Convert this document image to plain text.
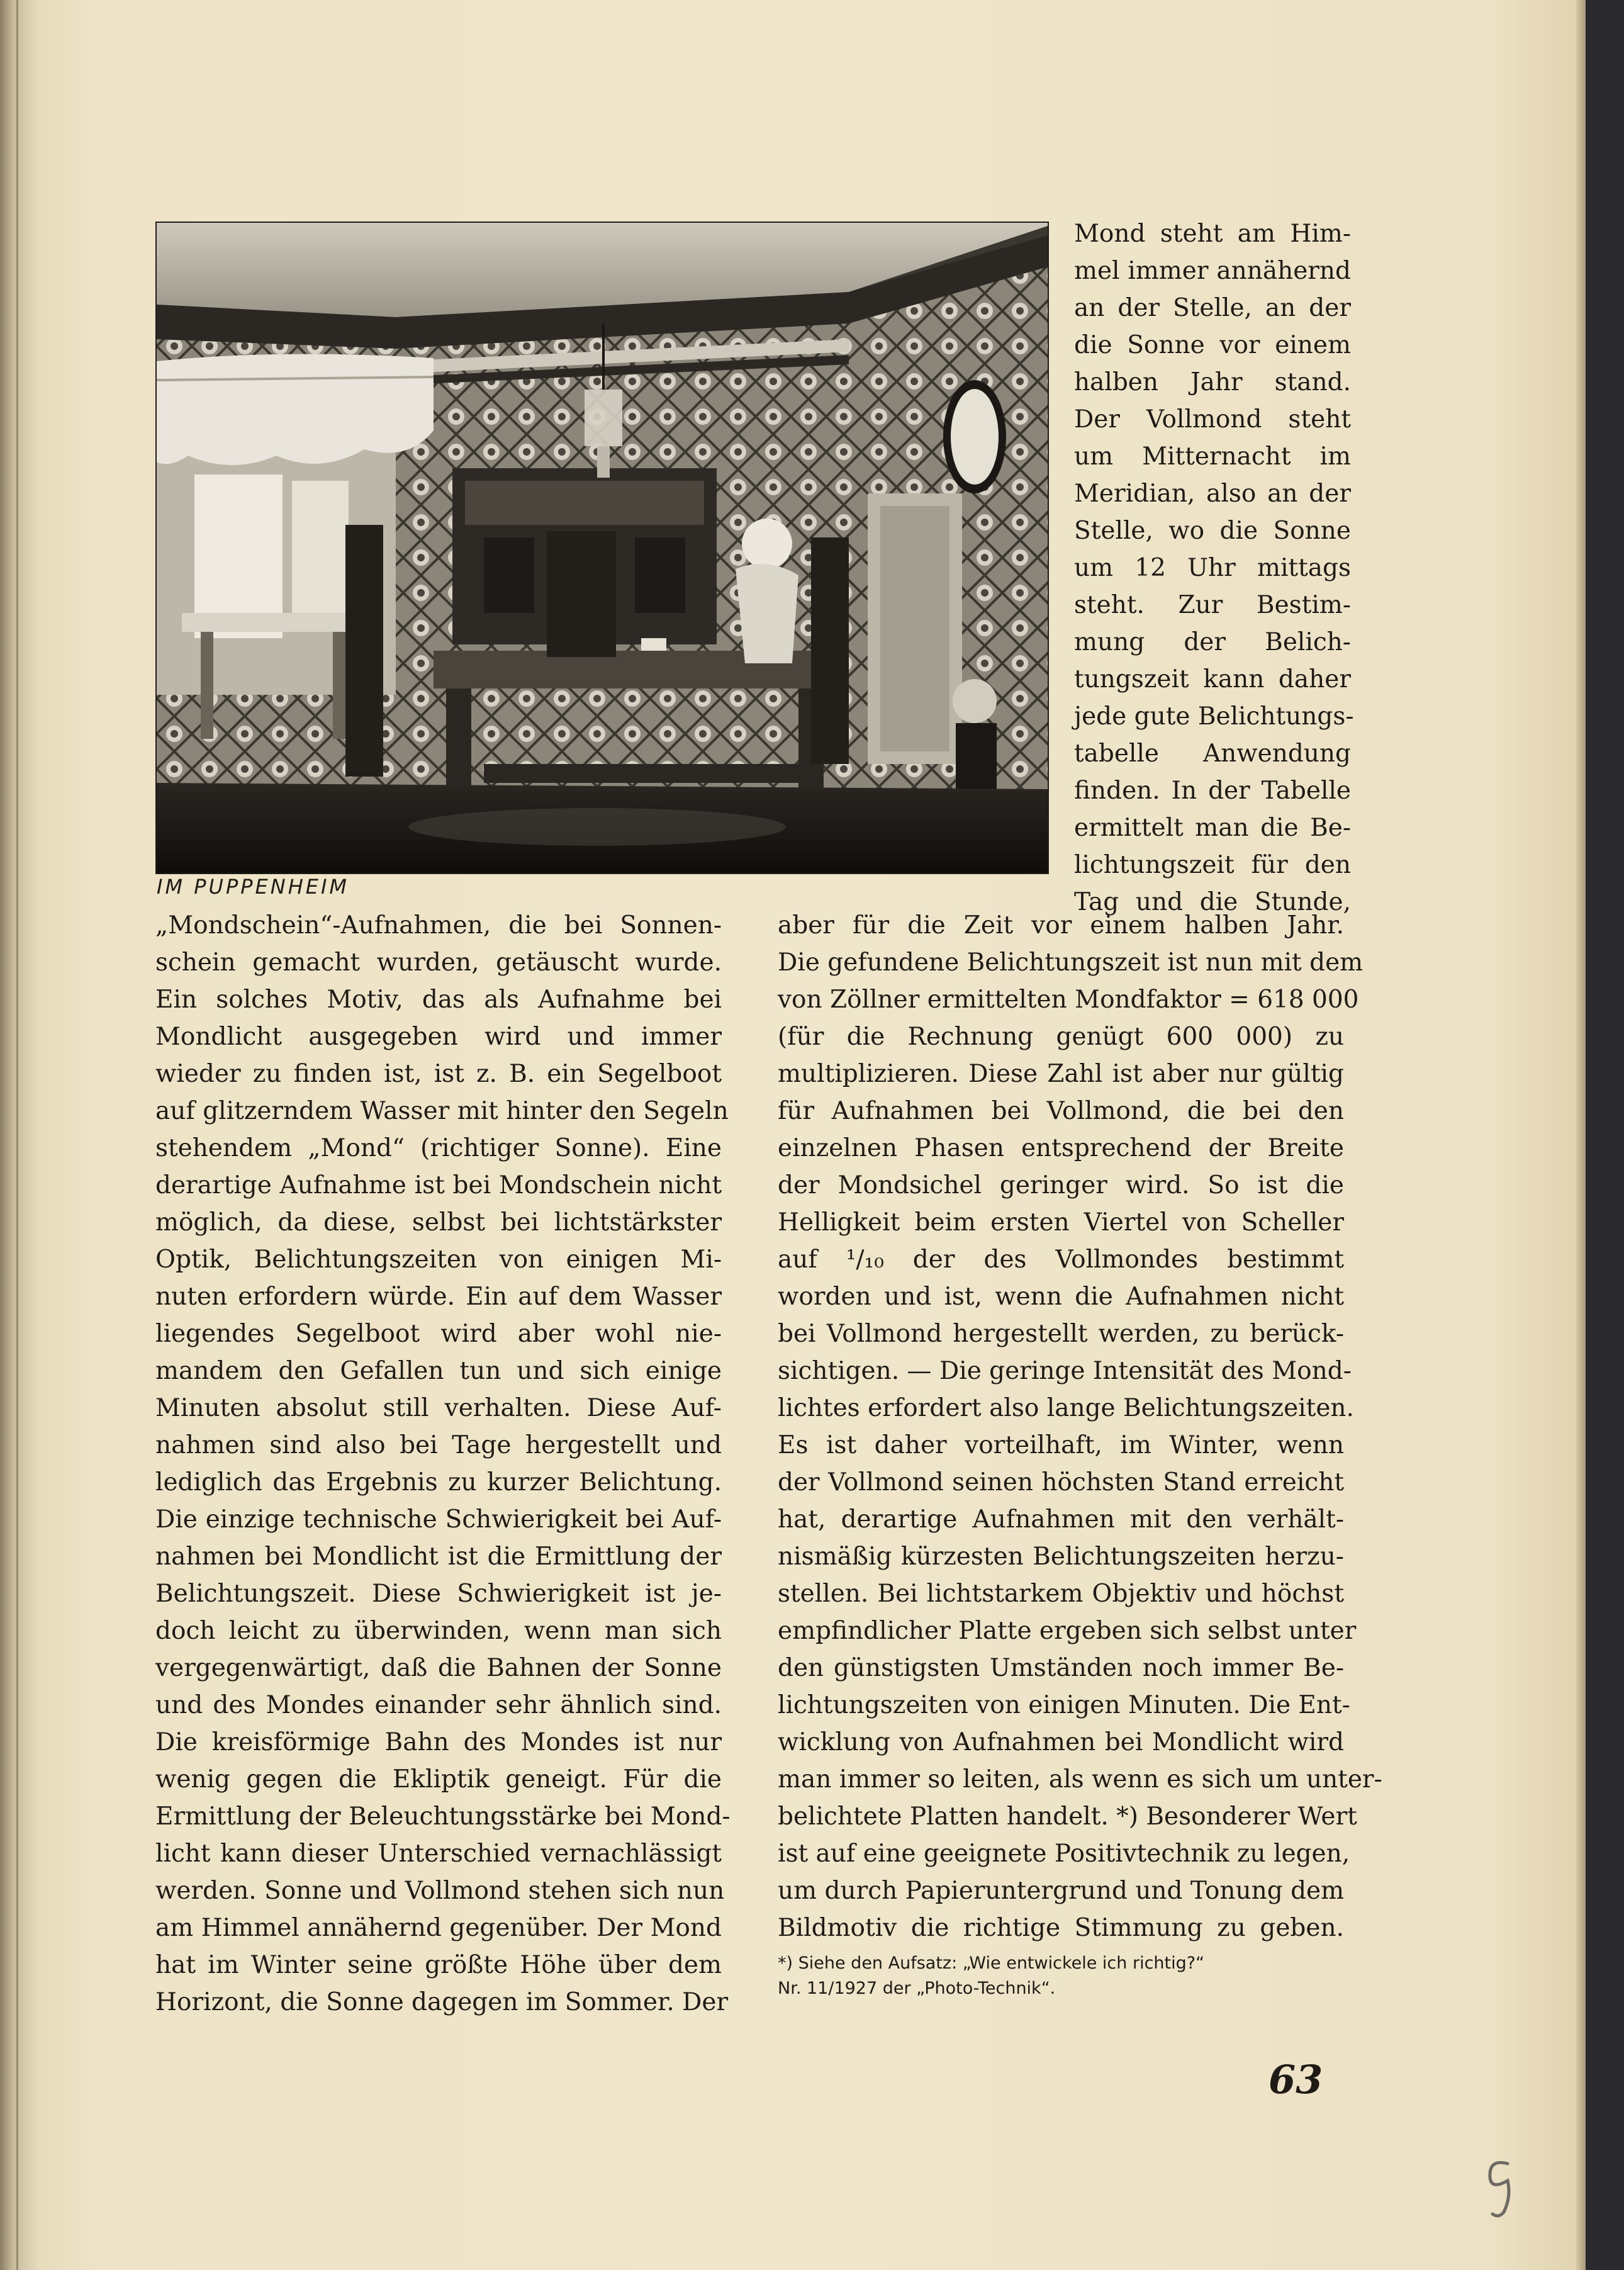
IM PUPPENHEIM
Mond steht am Him-
mel immer annähernd
an der Stelle, an der
die Sonne vor einem
halben Jahr stand.
Der Vollmond steht
um Mitternacht im
Meridian, also an der
Stelle, wo die Sonne
um 12 Uhr mittags
steht. Zur Bestim-
mung der Belich-
tungszeit kann daher
jede gute Belichtungs-
tabelle Anwendung
finden. In der Tabelle
ermittelt man die Be-
lichtungszeit für den
Tag und die Stunde,
„Mondschein“-Aufnahmen, die bei Sonnen-
schein gemacht wurden, getäuscht wurde.
Ein solches Motiv, das als Aufnahme bei
Mondlicht ausgegeben wird und immer
wieder zu finden ist, ist z. B. ein Segelboot
auf glitzerndem Wasser mit hinter den Segeln
stehendem „Mond“ (richtiger Sonne). Eine
derartige Aufnahme ist bei Mondschein nicht
möglich, da diese, selbst bei lichtstärkster
Optik, Belichtungszeiten von einigen Mi-
nuten erfordern würde. Ein auf dem Wasser
liegendes Segelboot wird aber wohl nie-
mandem den Gefallen tun und sich einige
Minuten absolut still verhalten. Diese Auf-
nahmen sind also bei Tage hergestellt und
lediglich das Ergebnis zu kurzer Belichtung.
Die einzige technische Schwierigkeit bei Auf-
nahmen bei Mondlicht ist die Ermittlung der
Belichtungszeit. Diese Schwierigkeit ist je-
doch leicht zu überwinden, wenn man sich
vergegenwärtigt, daß die Bahnen der Sonne
und des Mondes einander sehr ähnlich sind.
Die kreisförmige Bahn des Mondes ist nur
wenig gegen die Ekliptik geneigt. Für die
Ermittlung der Beleuchtungsstärke bei Mond-
licht kann dieser Unterschied vernachlässigt
werden. Sonne und Vollmond stehen sich nun
am Himmel annähernd gegenüber. Der Mond
hat im Winter seine größte Höhe über dem
Horizont, die Sonne dagegen im Sommer. Der
aber für die Zeit vor einem halben Jahr.
Die gefundene Belichtungszeit ist nun mit dem
von Zöllner ermittelten Mondfaktor = 618 000
(für die Rechnung genügt 600 000) zu
multiplizieren. Diese Zahl ist aber nur gültig
für Aufnahmen bei Vollmond, die bei den
einzelnen Phasen entsprechend der Breite
der Mondsichel geringer wird. So ist die
Helligkeit beim ersten Viertel von Scheller
auf ¹/₁₀ der des Vollmondes bestimmt
worden und ist, wenn die Aufnahmen nicht
bei Vollmond hergestellt werden, zu berück-
sichtigen. — Die geringe Intensität des Mond-
lichtes erfordert also lange Belichtungszeiten.
Es ist daher vorteilhaft, im Winter, wenn
der Vollmond seinen höchsten Stand erreicht
hat, derartige Aufnahmen mit den verhält-
nismäßig kürzesten Belichtungszeiten herzu-
stellen. Bei lichtstarkem Objektiv und höchst
empfindlicher Platte ergeben sich selbst unter
den günstigsten Umständen noch immer Be-
lichtungszeiten von einigen Minuten. Die Ent-
wicklung von Aufnahmen bei Mondlicht wird
man immer so leiten, als wenn es sich um unter-
belichtete Platten handelt. *) Besonderer Wert
ist auf eine geeignete Positivtechnik zu legen,
um durch Papieruntergrund und Tonung dem
Bildmotiv die richtige Stimmung zu geben.
*) Siehe den Aufsatz: „Wie entwickele ich richtig?“
Nr. 11/1927 der „Photo-Technik“.
63
